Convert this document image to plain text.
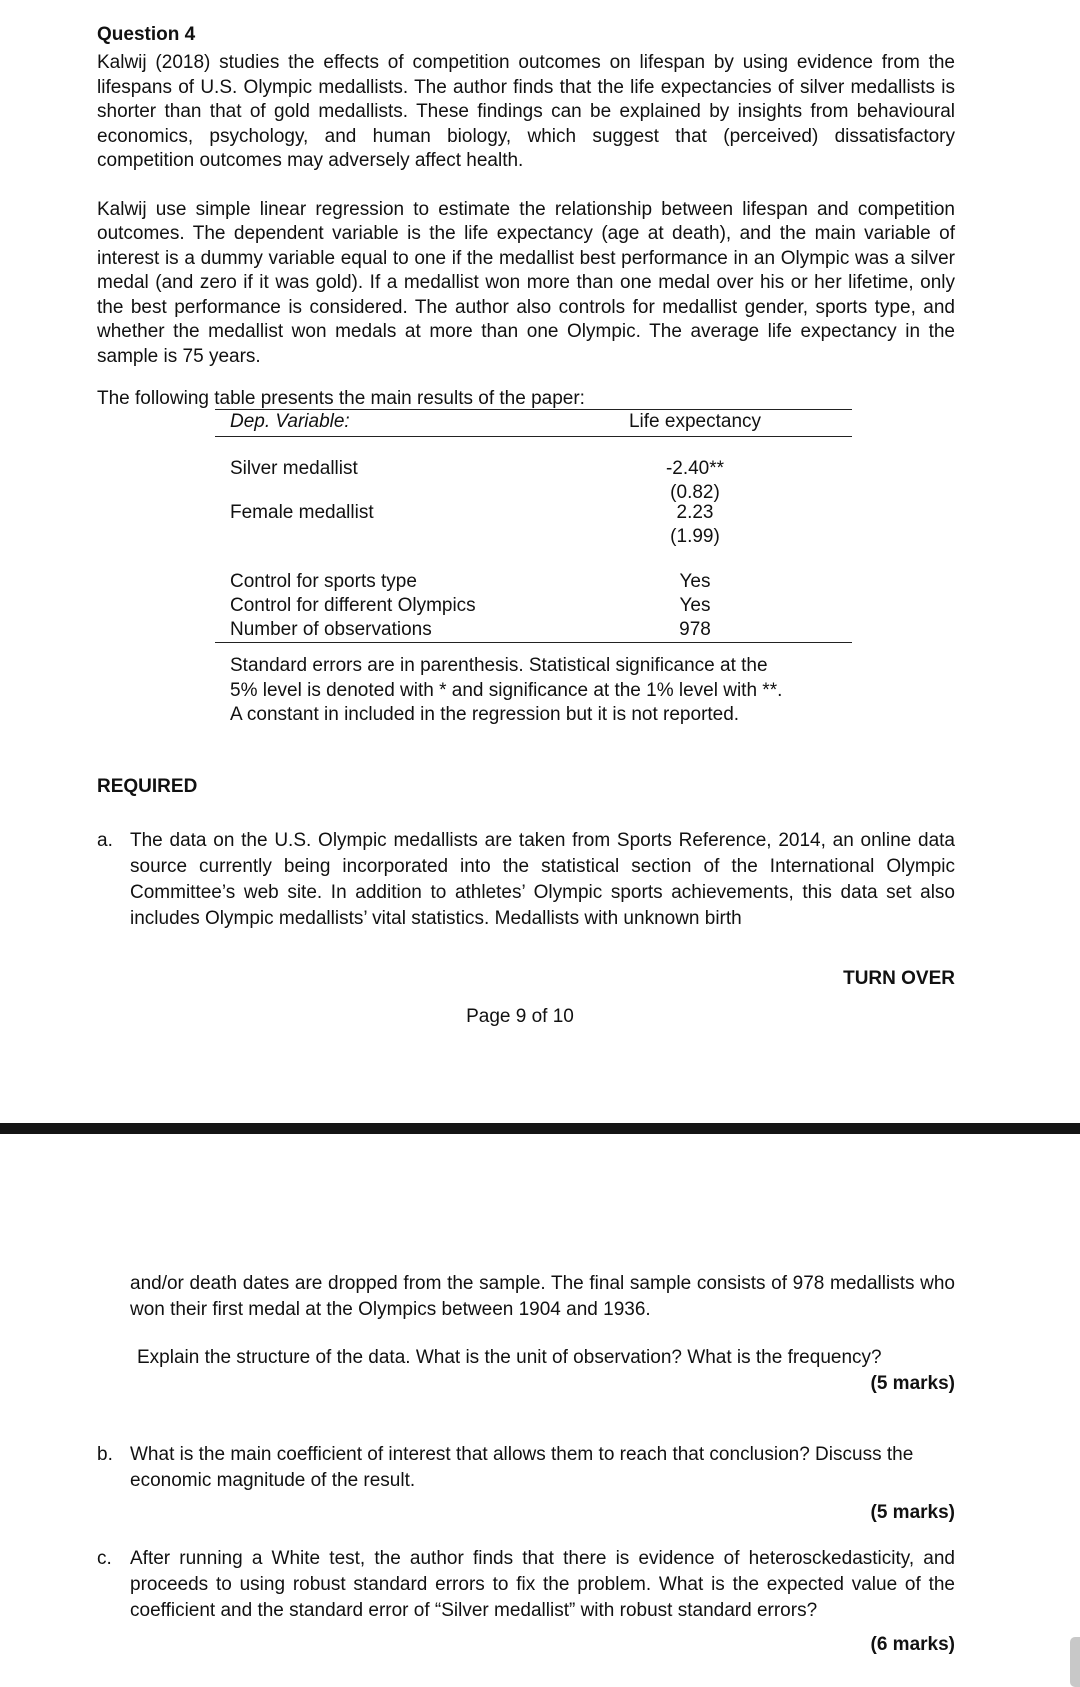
Question 4

Kalwij (2018) studies the effects of competition outcomes on lifespan by using evidence from the lifespans of U.S. Olympic medallists. The author finds that the life expectancies of silver medallists is shorter than that of gold medallists. These findings can be explained by insights from behavioural economics, psychology, and human biology, which suggest that (perceived) dissatisfactory competition outcomes may adversely affect health.

Kalwij use simple linear regression to estimate the relationship between lifespan and competition outcomes. The dependent variable is the life expectancy (age at death), and the main variable of interest is a dummy variable equal to one if the medallist best performance in an Olympic was a silver medal (and zero if it was gold). If a medallist won more than one medal over his or her lifetime, only the best performance is considered. The author also controls for medallist gender, sports type, and whether the medallist won medals at more than one Olympic. The average life expectancy in the sample is 75 years.

The following table presents the main results of the paper:
Dep. Variable:	Life expectancy
Silver medallist	-2.40**
(0.82)
Female medallist	2.23
(1.99)
Control for sports type	Yes
Control for different Olympics	Yes
Number of observations	978
Standard errors are in parenthesis. Statistical significance at the
5% level is denoted with * and significance at the 1% level with **.
A constant in included in the regression but it is not reported.
REQUIRED
a. The data on the U.S. Olympic medallists are taken from Sports Reference, 2014, an online data source currently being incorporated into the statistical section of the International Olympic Committee’s web site. In addition to athletes’ Olympic sports achievements, this data set also includes Olympic medallists’ vital statistics. Medallists with unknown birth
TURN OVER
Page 9 of 10
and/or death dates are dropped from the sample. The final sample consists of 978 medallists who won their first medal at the Olympics between 1904 and 1936.
Explain the structure of the data. What is the unit of observation? What is the frequency?
(5 marks)
b. What is the main coefficient of interest that allows them to reach that conclusion? Discuss the economic magnitude of the result.
(5 marks)
c. After running a White test, the author finds that there is evidence of heterosckedasticity, and proceeds to using robust standard errors to fix the problem. What is the expected value of the coefficient and the standard error of “Silver medallist” with robust standard errors?
(6 marks)
